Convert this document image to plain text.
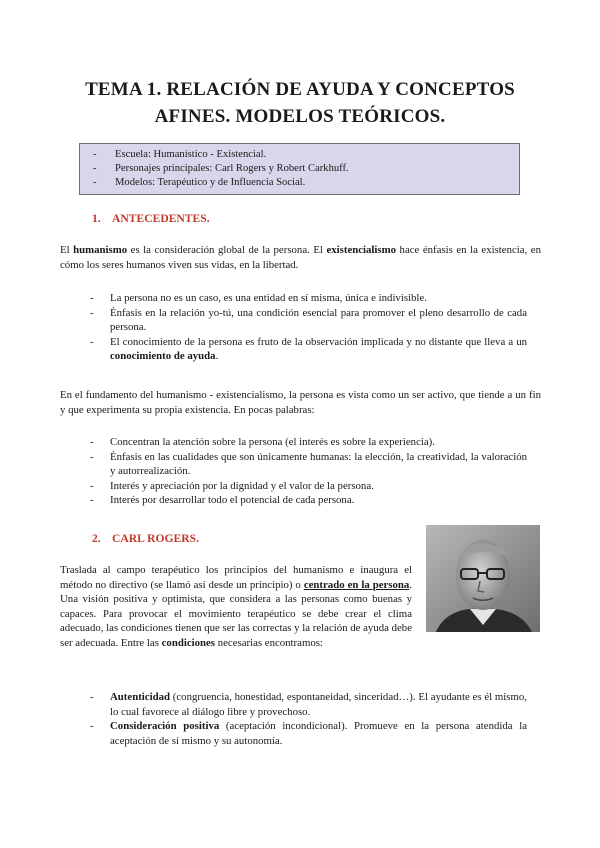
TEMA 1. RELACIÓN DE AYUDA Y CONCEPTOS
AFINES. MODELOS TEÓRICOS.
-	Escuela: Humanístico - Existencial.
-	Personajes principales: Carl Rogers y Robert Carkhuff.
-	Modelos: Terapéutico y de Influencia Social.
1. ANTECEDENTES.
El humanismo es la consideración global de la persona. El existencialismo hace énfasis en la existencia, en cómo los seres humanos viven sus vidas, en la libertad.
-	La persona no es un caso, es una entidad en sí misma, única e indivisible.
-	Énfasis en la relación yo-tú, una condición esencial para promover el pleno desarrollo de cada persona.
-	El conocimiento de la persona es fruto de la observación implicada y no distante que lleva a un conocimiento de ayuda.
En el fundamento del humanismo - existencialismo, la persona es vista como un ser activo, que tiende a un fin y que experimenta su propia existencia. En pocas palabras:
-	Concentran la atención sobre la persona (el interés es sobre la experiencia).
-	Énfasis en las cualidades que son únicamente humanas: la elección, la creatividad, la valoración y autorrealización.
-	Interés y apreciación por la dignidad y el valor de la persona.
-	Interés por desarrollar todo el potencial de cada persona.
2. CARL ROGERS.
Traslada al campo terapéutico los principios del humanismo e inaugura el método no directivo (se llamó así desde un principio) o centrado en la persona. Una visión positiva y optimista, que considera a las personas como buenas y capaces. Para provocar el movimiento terapéutico se debe crear el clima adecuado, las condiciones tienen que ser las correctas y la relación de ayuda debe ser adecuada. Entre las condiciones necesarias encontramos:
-	Autenticidad (congruencia, honestidad, espontaneidad, sinceridad…). El ayudante es él mismo, lo cual favorece al diálogo libre y provechoso.
-	Consideración positiva (aceptación incondicional). Promueve en la persona atendida la aceptación de sí mismo y su autonomía.
